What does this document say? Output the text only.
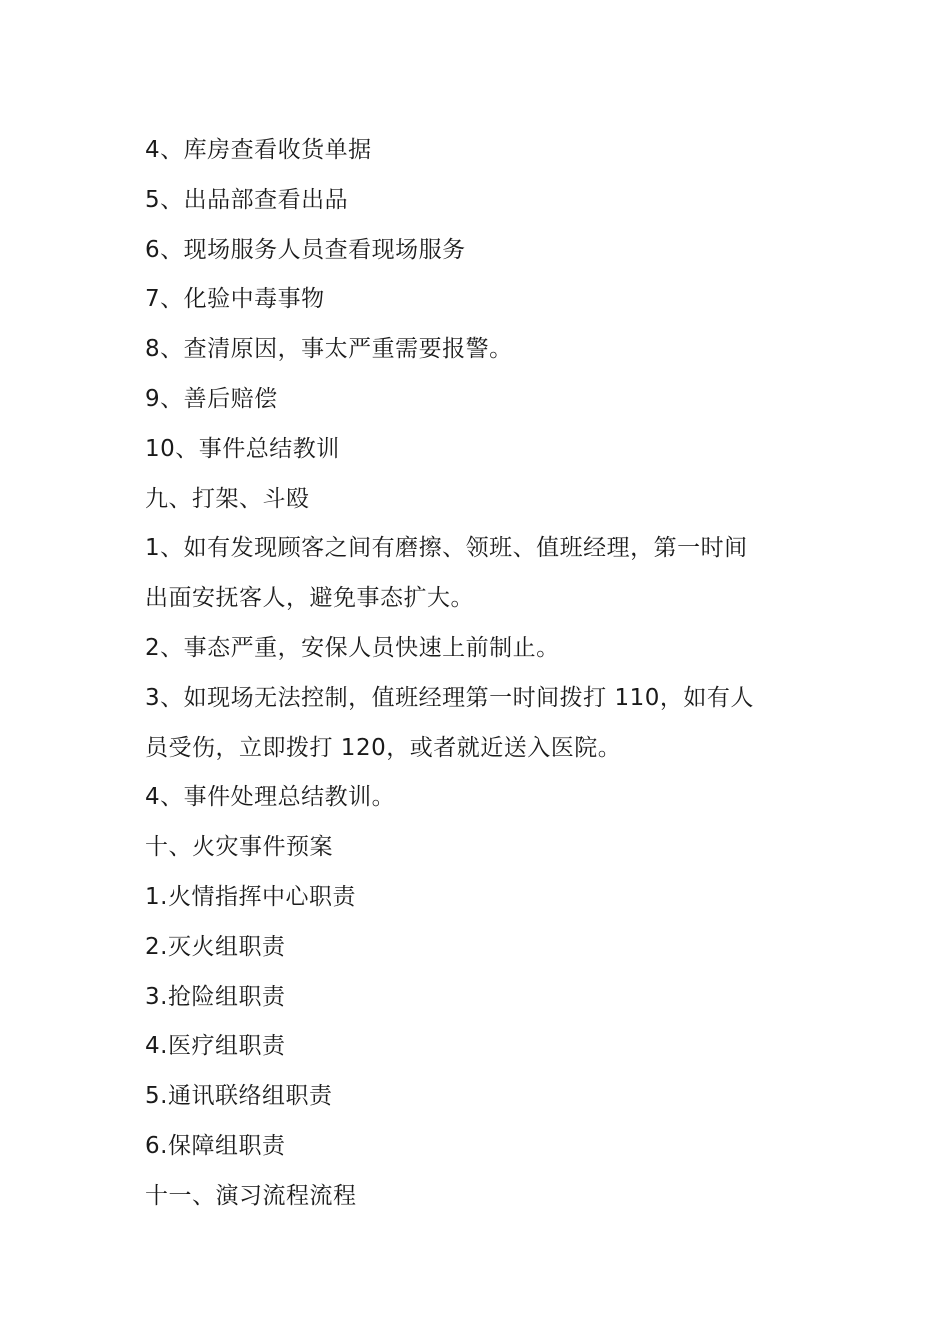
4、库房查看收货单据
5、出品部查看出品
6、现场服务人员查看现场服务
7、化验中毒事物
8、查清原因，事太严重需要报警。
9、善后赔偿
10、事件总结教训
九、打架、斗殴
1、如有发现顾客之间有磨擦、领班、值班经理，第一时间
出面安抚客人，避免事态扩大。
2、事态严重，安保人员快速上前制止。
3、如现场无法控制，值班经理第一时间拨打 110，如有人
员受伤，立即拨打 120，或者就近送入医院。
4、事件处理总结教训。
十、火灾事件预案
1.火情指挥中心职责
2.灭火组职责
3.抢险组职责
4.医疗组职责
5.通讯联络组职责
6.保障组职责
十一、演习流程流程
